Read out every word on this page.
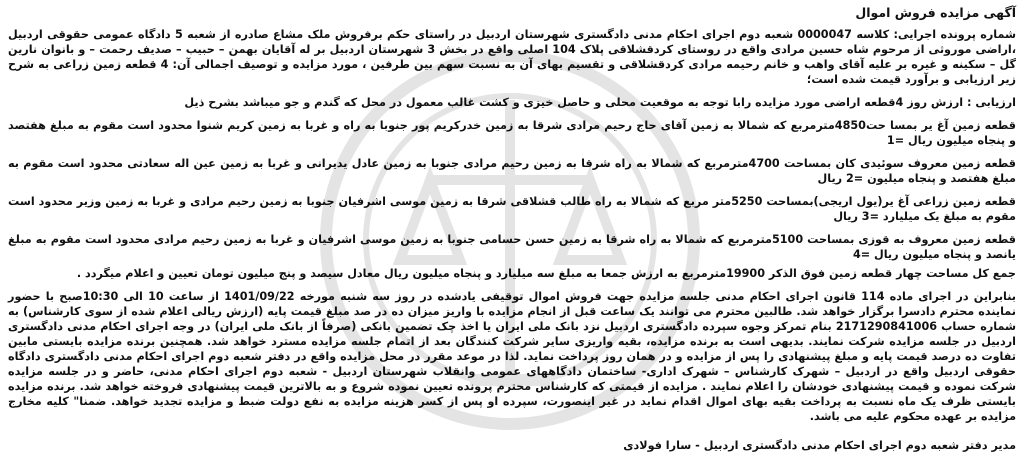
آگهی مزایده فروش اموال

شماره پرونده اجرایی: کلاسه 0000047 شعبه دوم اجرای احکام مدنی دادگستری شهرستان اردبیل در راستای حکم برفروش ملک مشاع صادره از شعبه 5 دادگاه عمومی حقوقی اردبیل ،اراضی موروثی از مرحوم شاه حسین مرادی واقع در روستای کردقشلاقی پلاک 104 اصلی واقع در بخش 3 شهرستان اردبیل بر له آقایان بهمن – حبیب – صدیف رحمت – و بانوان نارین گل – سکینه و غیره بر علیه آقای واهب و خانم رحیمه مرادی کردقشلاقی و تقسیم بهای آن به نسبت سهم بین طرفین ، مورد مزایده و توصیف اجمالی آن: 4 قطعه زمین زراعی به شرح زیر ارزیابی و برآورد قیمت شده است؛

ارزیابی : ارزش روز 4قطعه اراضی مورد مزایده رابا توجه به موقعیت محلی و حاصل خیزی و کشت غالب معمول در محل که گندم و جو میباشد بشرح ذیل

قطعه زمین آغ یر بمسا حت4850مترمربع که شمالا به زمین آقای حاج رحیم مرادی شرقا به زمین خدرکریم پور جنوبا به راه و غربا به زمین کریم شنوا محدود است مقوم به مبلغ هفتصد و پنجاه میلیون ریال =1

قطعه زمین معروف سوئیدی کان بمساحت 4700مترمربع که شمالا به راه شرقا به زمین رحیم مرادی جنوبا به زمین عادل یدیرانی و غربا به زمین عین اله سعادتی محدود است مقوم به مبلغ هفتصد و پنجاه میلیون =2 ریال

قطعه زمین زراعی آغ یر(یول اریجی)بمساحت 5250متر مربع که شمالا به راه طالب قشلاقی شرقا به زمین موسی اشرفیان جنوبا به زمین رحیم مرادی و غربا به زمین وزیر محدود است مقوم به مبلغ یک میلیارد =3 ریال

قطعه زمین معروف به قوزی بمساحت 5100مترمربع که شمالا به راه شرقا به زمین حسن حسامی جنوبا به زمین موسی اشرفیان و غربا به زمین رحیم مرادی محدود است مقوم به مبلغ یانصد و پنجاه میلیون ریال =4

جمع کل مساحت چهار قطعه زمین فوق الذکر 19900مترمربع به ارزش جمعا به مبلغ سه میلیارد و پنجاه میلیون ریال معادل سیصد و پنج میلیون تومان تعیین و اعلام میگردد .

بنابراین در اجرای ماده 114 قانون اجرای احکام مدنی جلسه مزایده جهت فروش اموال توقیفی یادشده در روز سه شنبه مورخه 1401/09/22 از ساعت 10 الی 10:30صبح با حضور نماینده محترم دادسرا برگزار خواهد شد. طالبین محترم می توانند یک ساعت قبل از انجام مزایده با واریز میزان ده در صد مبلغ قیمت پایه (ارزش ریالی اعلام شده از سوی کارشناس) به شماره حساب 2171290841006 بنام تمرکز وجوه سپرده دادگستری اردبیل نزد بانک ملی ایران یا اخذ چک تضمین بانکی (صرفاً از بانک ملی ایران) در وجه اجرای احکام مدنی دادگستری اردبیل در جلسه مزایده شرکت نمایند. بدیهی است به برنده مزایده، بقیه واریزی سایر شرکت کنندگان بعد از اتمام جلسه مزایده مسترد خواهد شد. همچنین برنده مزایده بایستی مابین تفاوت ده درصد قیمت پایه و مبلغ پیشنهادی را پس از مزایده و در همان روز پرداخت نماید. لذا در موعد مقرر در محل مزایده واقع در دفتر شعبه دوم اجرای احکام مدنی دادگستری دادگاه حقوقی اردبیل واقع در اردبیل – شهرک کارشناس – شهرک اداری- ساختمان دادگاههای عمومی وانقلاب شهرستان اردبیل - شعبه دوم اجرای احکام مدنی، حاضر و در جلسه مزایده شرکت نموده و قیمت پیشنهادی خودشان را اعلام نمایند . مزایده از قیمتی که کارشناس محترم پرونده تعیین نموده شروع و به بالاترین قیمت پیشنهادی فروخته خواهد شد. برنده مزایده بایستی ظرف یک ماه نسبت به پرداخت بقیه بهای اموال اقدام نماید در غیر اینصورت، سپرده او پس از کسر هزینه مزایده به نفع دولت ضبط و مزایده تجدید خواهد. ضمنا" کلیه مخارج مزایده بر عهده محکوم علیه می باشد.

مدیر دفتر شعبه دوم اجرای احکام مدنی دادگستری اردبیل - سارا فولادی
